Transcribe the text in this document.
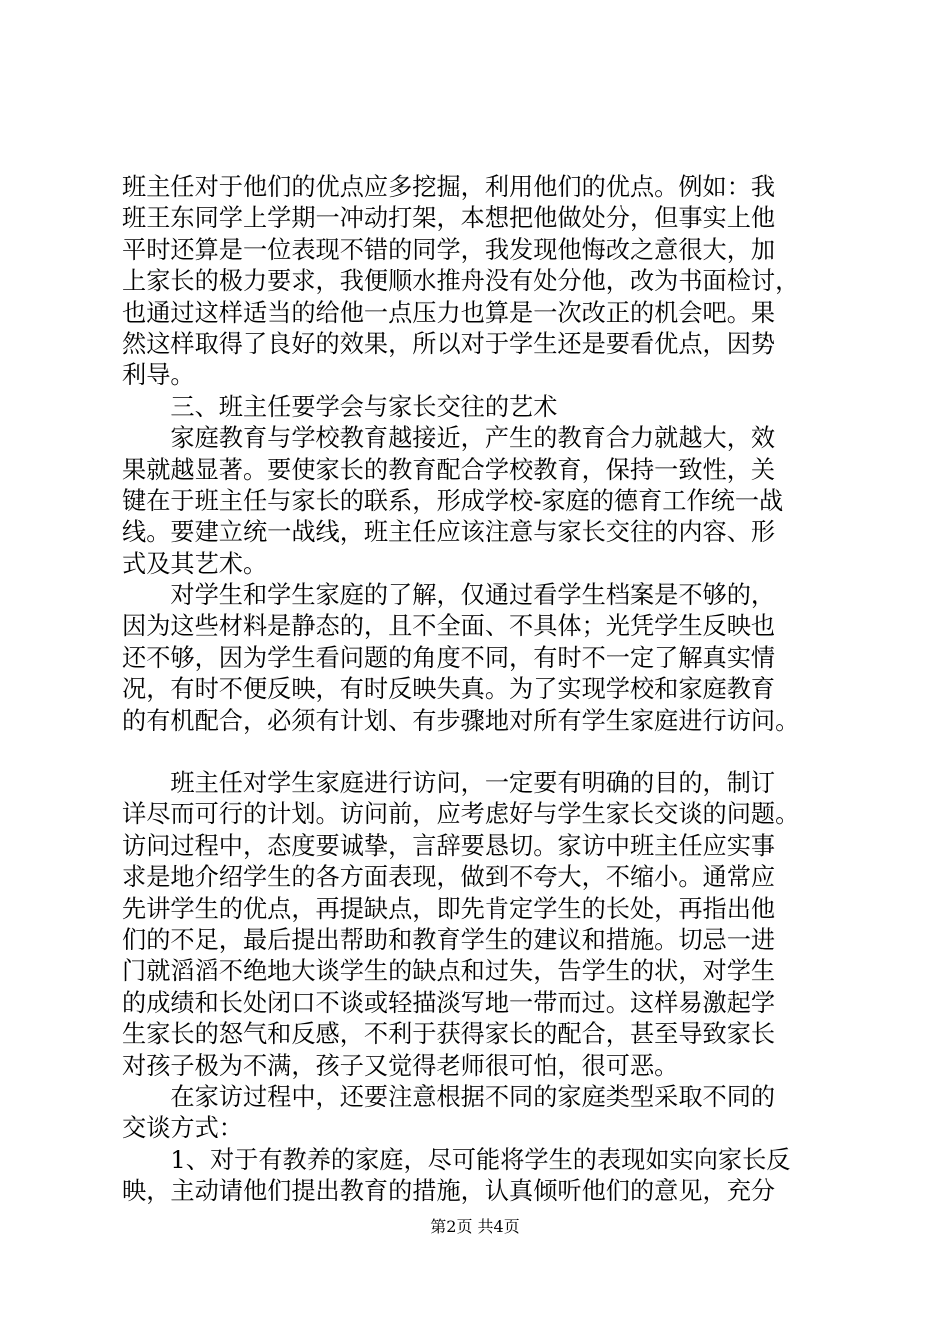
班主任对于他们的优点应多挖掘，利用他们的优点。例如：我
班王东同学上学期一冲动打架，本想把他做处分，但事实上他
平时还算是一位表现不错的同学，我发现他悔改之意很大，加
上家长的极力要求，我便顺水推舟没有处分他，改为书面检讨，
也通过这样适当的给他一点压力也算是一次改正的机会吧。果
然这样取得了良好的效果，所以对于学生还是要看优点，因势
利导。
　　三、班主任要学会与家长交往的艺术
　　家庭教育与学校教育越接近，产生的教育合力就越大，效
果就越显著。要使家长的教育配合学校教育，保持一致性，关
键在于班主任与家长的联系，形成学校-家庭的德育工作统一战
线。要建立统一战线，班主任应该注意与家长交往的内容、形
式及其艺术。
　　对学生和学生家庭的了解，仅通过看学生档案是不够的，
因为这些材料是静态的，且不全面、不具体；光凭学生反映也
还不够，因为学生看问题的角度不同，有时不一定了解真实情
况，有时不便反映，有时反映失真。为了实现学校和家庭教育
的有机配合，必须有计划、有步骤地对所有学生家庭进行访问。
　　班主任对学生家庭进行访问，一定要有明确的目的，制订
详尽而可行的计划。访问前，应考虑好与学生家长交谈的问题。
访问过程中，态度要诚挚，言辞要恳切。家访中班主任应实事
求是地介绍学生的各方面表现，做到不夸大，不缩小。通常应
先讲学生的优点，再提缺点，即先肯定学生的长处，再指出他
们的不足，最后提出帮助和教育学生的建议和措施。切忌一进
门就滔滔不绝地大谈学生的缺点和过失，告学生的状，对学生
的成绩和长处闭口不谈或轻描淡写地一带而过。这样易激起学
生家长的怒气和反感，不利于获得家长的配合，甚至导致家长
对孩子极为不满，孩子又觉得老师很可怕，很可恶。
　　在家访过程中，还要注意根据不同的家庭类型采取不同的
交谈方式：
　　1、对于有教养的家庭，尽可能将学生的表现如实向家长反
映，主动请他们提出教育的措施，认真倾听他们的意见，充分
第2页 共4页
